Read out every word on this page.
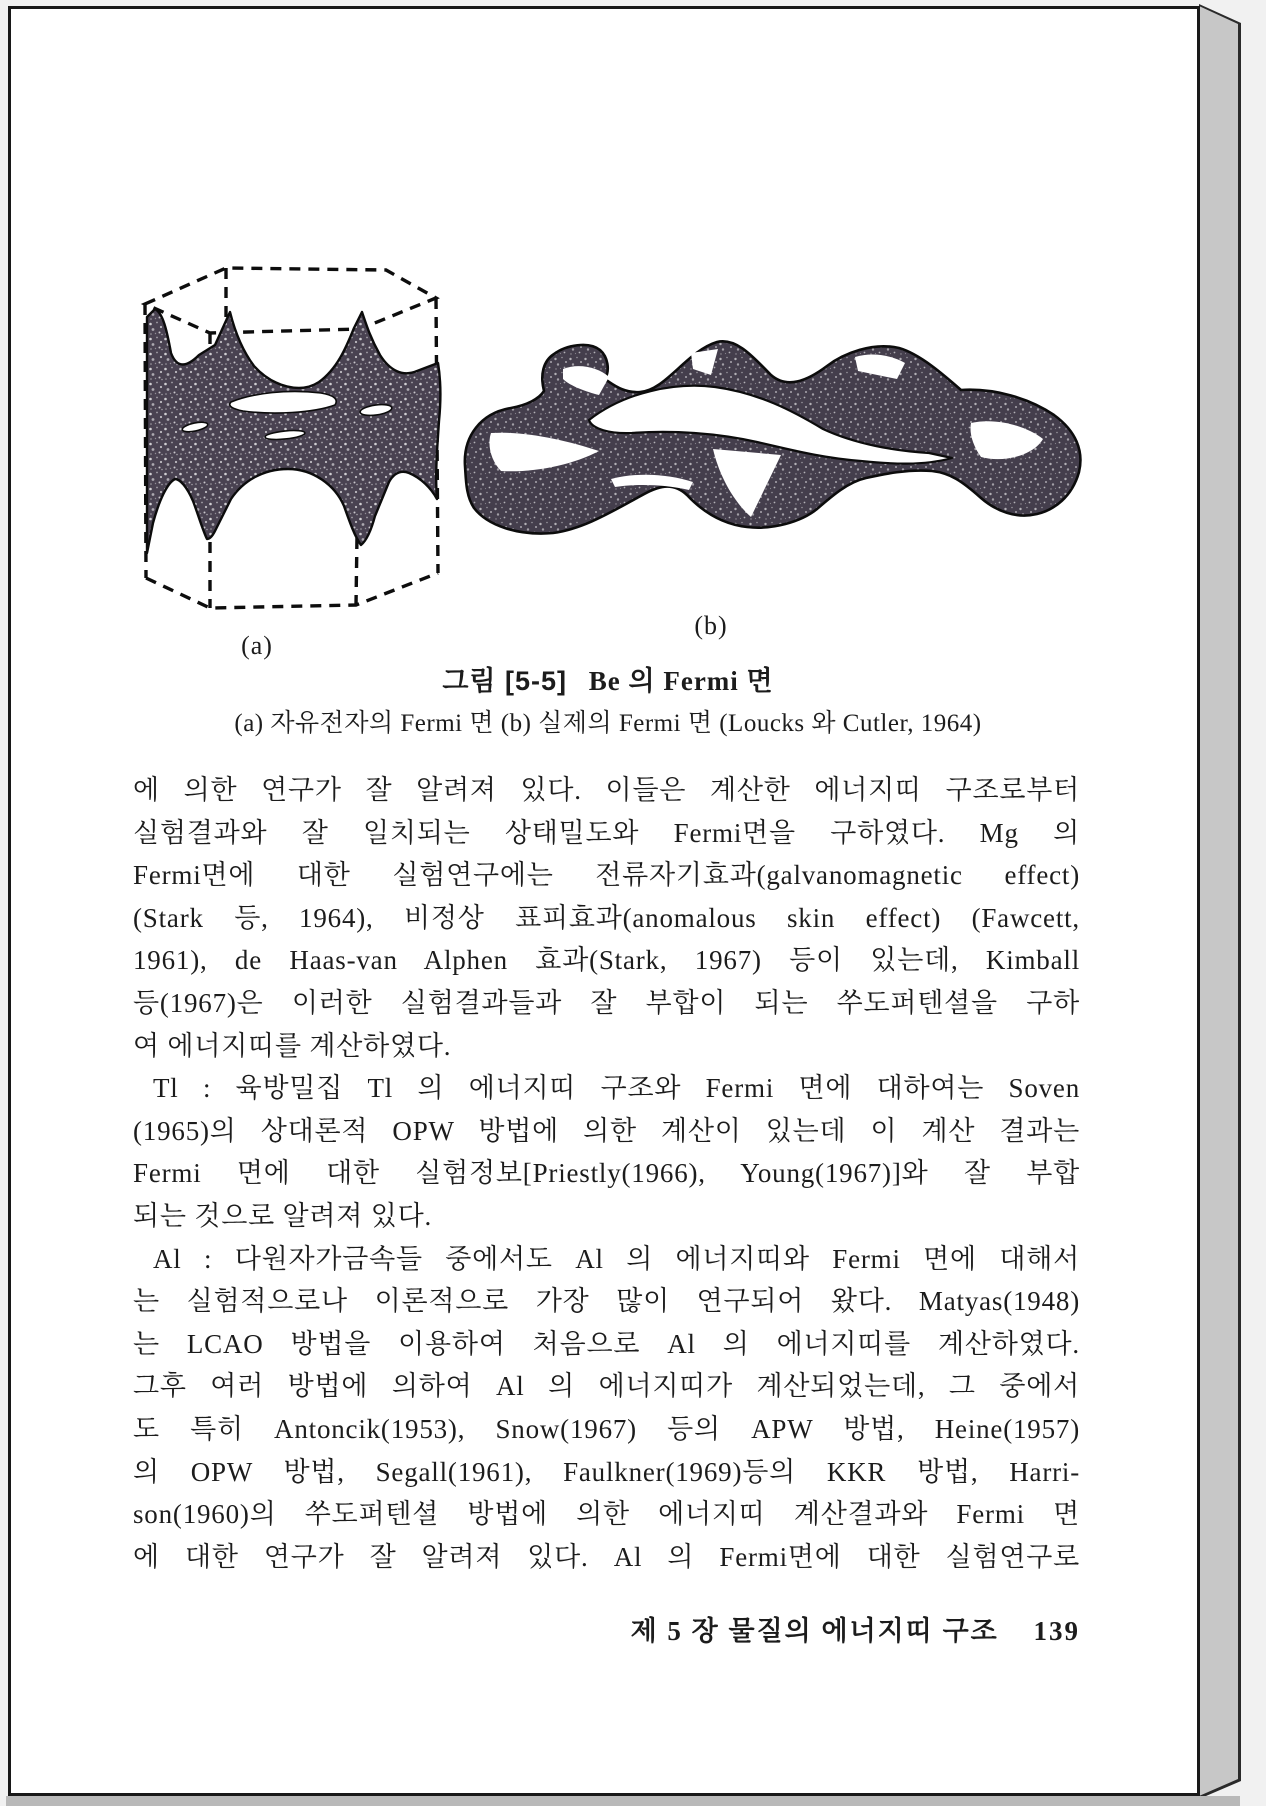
(a)
(b)
그림 [5-5] Be 의 Fermi 면
(a) 자유전자의 Fermi 면 (b) 실제의 Fermi 면 (Loucks 와 Cutler, 1964)
에 의한 연구가 잘 알려져 있다. 이들은 계산한 에너지띠 구조로부터
실험결과와 잘 일치되는 상태밀도와 Fermi면을 구하였다. Mg 의
Fermi면에 대한 실험연구에는 전류자기효과(galvanomagnetic effect)
(Stark 등, 1964), 비정상 표피효과(anomalous skin effect) (Fawcett,
1961), de Haas-van Alphen 효과(Stark, 1967) 등이 있는데, Kimball
등(1967)은 이러한 실험결과들과 잘 부합이 되는 쑤도퍼텐셜을 구하
여 에너지띠를 계산하였다.
Tl : 육방밀집 Tl 의 에너지띠 구조와 Fermi 면에 대하여는 Soven
(1965)의 상대론적 OPW 방법에 의한 계산이 있는데 이 계산 결과는
Fermi 면에 대한 실험정보[Priestly(1966), Young(1967)]와 잘 부합
되는 것으로 알려져 있다.
Al : 다원자가금속들 중에서도 Al 의 에너지띠와 Fermi 면에 대해서
는 실험적으로나 이론적으로 가장 많이 연구되어 왔다. Matyas(1948)
는 LCAO 방법을 이용하여 처음으로 Al 의 에너지띠를 계산하였다.
그후 여러 방법에 의하여 Al 의 에너지띠가 계산되었는데, 그 중에서
도 특히 Antoncik(1953), Snow(1967) 등의 APW 방법, Heine(1957)
의 OPW 방법, Segall(1961), Faulkner(1969)등의 KKR 방법, Harri-
son(1960)의 쑤도퍼텐셜 방법에 의한 에너지띠 계산결과와 Fermi 면
에 대한 연구가 잘 알려져 있다. Al 의 Fermi면에 대한 실험연구로
제 5 장 물질의 에너지띠 구조 139
